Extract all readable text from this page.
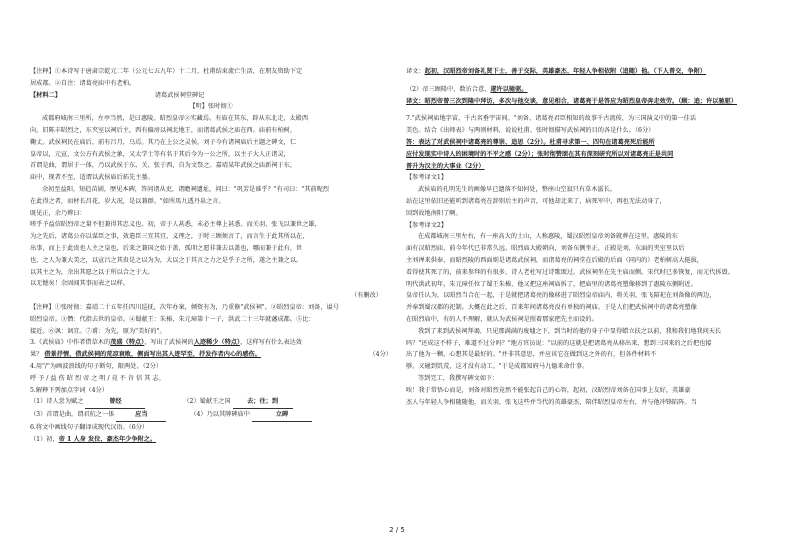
【注释】①本诗写于唐肃宗乾元二年（公元七五九年）十二月，杜甫结束流亡生活，在朋友资助下定
居成都。②自注：诸葛亮庙中有老柏。
【材料二】	诸葛武侯祠堂碑记
【明】张时彻①
成都府城南三里所，左亭当然，是曰惠陵。昭烈皇帝②实藏焉。有庙在其东，辟从东北走，太殿西
向，旧陈丰昭烈之，东夹室以祠后主，西有偏房以祠北地王，而诸葛武侯之庙在西。庙前有柏树，
鞠丈。武侯祠民在庙后，前有吕月，乌焉。其乃在上公之灵侯，刘子今有诸祠庙后主题之碑文，仁
皇帝以，元宣，文公方有武侯之象，又太学士等有名于其后今为一公之所，以主子大人正诸灵，
首谓是曲，谓居于一体，乃以武侯于东，关、张于西，自为文祭之。嘉靖某年武侯之庙新祠于东，
庙中，现者不至，适谓以武侯庙后拓先主墓。
余初至益阳，短趋苗剧，歷见本碑，答问诸从吏，诸瞻祠遗址，问曰："巩芳是谁乎？"有司曰："其前呢烈
在此得之者，而材长昌花，岁大况，是以兼群。"如所馬九透丹泉之言。
既见正，余乃辨曰：
嗟乎予益信昭烈帝之量不但兼得其忠义也。初，帝于人甚悉，未必主尊上甚悉。而关羽、张飞以兼世之雄，
为之先后，诸葛公亦以谋臣之事，效遣臣三宜其宜，义理之，于时三顾须言了，而言生于此其所以在，
出事，而上于此贵也人主之皇也，后来之兼国之始于盖，孤叩之愿非兼去以盖也，哪而兼于此有，世
也，之人为兼大美之，以宣吕之其贵是之以为为，大以之于其言之力之是乎子之所，遂之主兼之以。
以其主之为，余出其愿之以于所以合之于大。
以无憾矣！余固闻其事而表之以样。
（有删改）
【注释】①张时彻：嘉靖二十五年任四川巡抚，次年办案，倾资有为，乃重修"武侯祠"。②昭烈皇帝：刘备，谥号
昭烈皇帝。③僭：代指去世的皇帝。④蜀献王：朱椿，朱元璋第十一子，洪武二十三年就藩成都。⑤比：
接近。⑥讽：讽宜。⑦甫：为先，原为"美好的"。
3.《武侯庙》中作者借草木的茂盛（特点），写出了武侯祠的人迹稀少（特点），这样写有什么表达效
果？ 借景抒情，借武侯祠的荒凉衰败，侧面写出其人迹罕至，抒发作者内心的感伤。	（4分）
4.用"/"为画波浪线的句子断句，限两处。（2分）
呼 予 / 益 伤 昭 烈 帝 之 明 / 竟 不 肯 信 其 志。
5.解释下列加点字词（4分）
（1）诗人尝为赋之	曾经	（2）蜀献王之国	去；往；到
（3）首谓是曲，谓君抗之一体	应当	（4）乃以其牌碑庙中	立碑
6.将文中画线句子翻译成现代汉语。（6分）
（1）初，帝 1 人身 发位，豪杰年少争附之。
译文：起初，汉昭烈帝刘备礼贤下士，善于交际，英雄豪杰、年轻人争相依附（追随）他。（下人普交，争附）
（2）帝三顾隆中，数访合意，遂许以驰驱。
译文：昭烈帝曾三次到隆中拜访，多次与他交谈，意见相合，诸葛亮于是答应为昭烈皇帝奔走效劳。（顾：追；许以驰驱）
7."武侯祠庙地字宙，千古名垂宇宙间。"刘备、诸葛亮君臣相知的故事千古流传，为三国演义中的第一佳话
美色。结合《出师表》与两则材料，说说杜甫、张时彻描写武侯祠的目的各是什么。（6分）
答：表达了对武侯祠中诸葛亮的尊崇、追思（2分）。杜甫寻求第一、四句在诸葛亮死后能所
应付发现实中诗人的困境时的不平之感（2分）；张时彻赞颂在其有深刻研究所以对诸葛亮正是共同
普升为汉主的大事业（2分）
【参考译文1】
武侯庙的孔明先生的画像早已遗落不知何处，整座山空寂只有草木滋长。
站在这里依旧还能听到诸葛亮在辞别后主的声音，可他却北来了，病死军中，再也无法动身了，
回到故地南阳了啊。
【参考译文2】
在成都城南三里左右，有一座高大的土山，人称惠陵，蜀汉昭烈皇帝刘备就葬在这里。惠陵的东
面有汉昭烈庙，前今年代已非常久远。昭烈庙大殿朝向，刘备东侧坐正，正殿是刘，东面的夹室里以后
主刘禅来供奉，而昭烈陵的西面则是诸葛武侯祠，而诸葛亮的祠堂在后殿的后面（同内的）老柏树高大挺拔，
看得使其死了的，前来参拜的有很多，诗人老杜写过诗歌颂过。武侯祠坐在先主庙而侧。宋代时已多恢复，而元代拆毁。
明代洪武初年，朱元璋任位了蜀王朱椿，他又把这座祠庙拆了，把庙里的诸葛亮塑像移到了惠陵东侧附近。
皇帝任认为，以昭烈当合在一起，于是就把诸葛亮的像移进了昭烈皇帝庙内，将关羽、张飞陪祀在刘备像的两边，
并奉到蜀汉都的祀制。大概在此之后，百来年间诸葛亮没有单独的祠庙。于是人们把武侯祠中的诸葛亮塑像
在昭烈庙中，有的人不理解，就认为武侯祠是照着那家把先主而设的。
我到了来到武侯祠拜谒，只见那满满的废墟之下，到当时的他的身子中显得蜡立扶之以前，我和我们地我问天长
吗？"还成这不样子，难道不过分吗？"地方官员说："以前的这就是把诸葛亮从移出来，想到三国来的之后把也接
出了他为一颗，心想其是最好的。"并非其意思，并应该它在做到这之外的有，但各件材料不
够，又碰到饥荒，这才没有动工。"于是成都知府马九德来命什事。
等到完工，我撰写碑文如下：
唉！我于常悟心而是，刘备对昭烈竟然不能张起自己的心智，起初，汉昭烈帝刘备在国事上友好，英雄豪
杰人与年轻人争相随随他，而关羽、张飞这些并当代的英雄豪杰，陪伴昭烈皇帝左右，并与他冲锋陷阵。当
2 / 5
